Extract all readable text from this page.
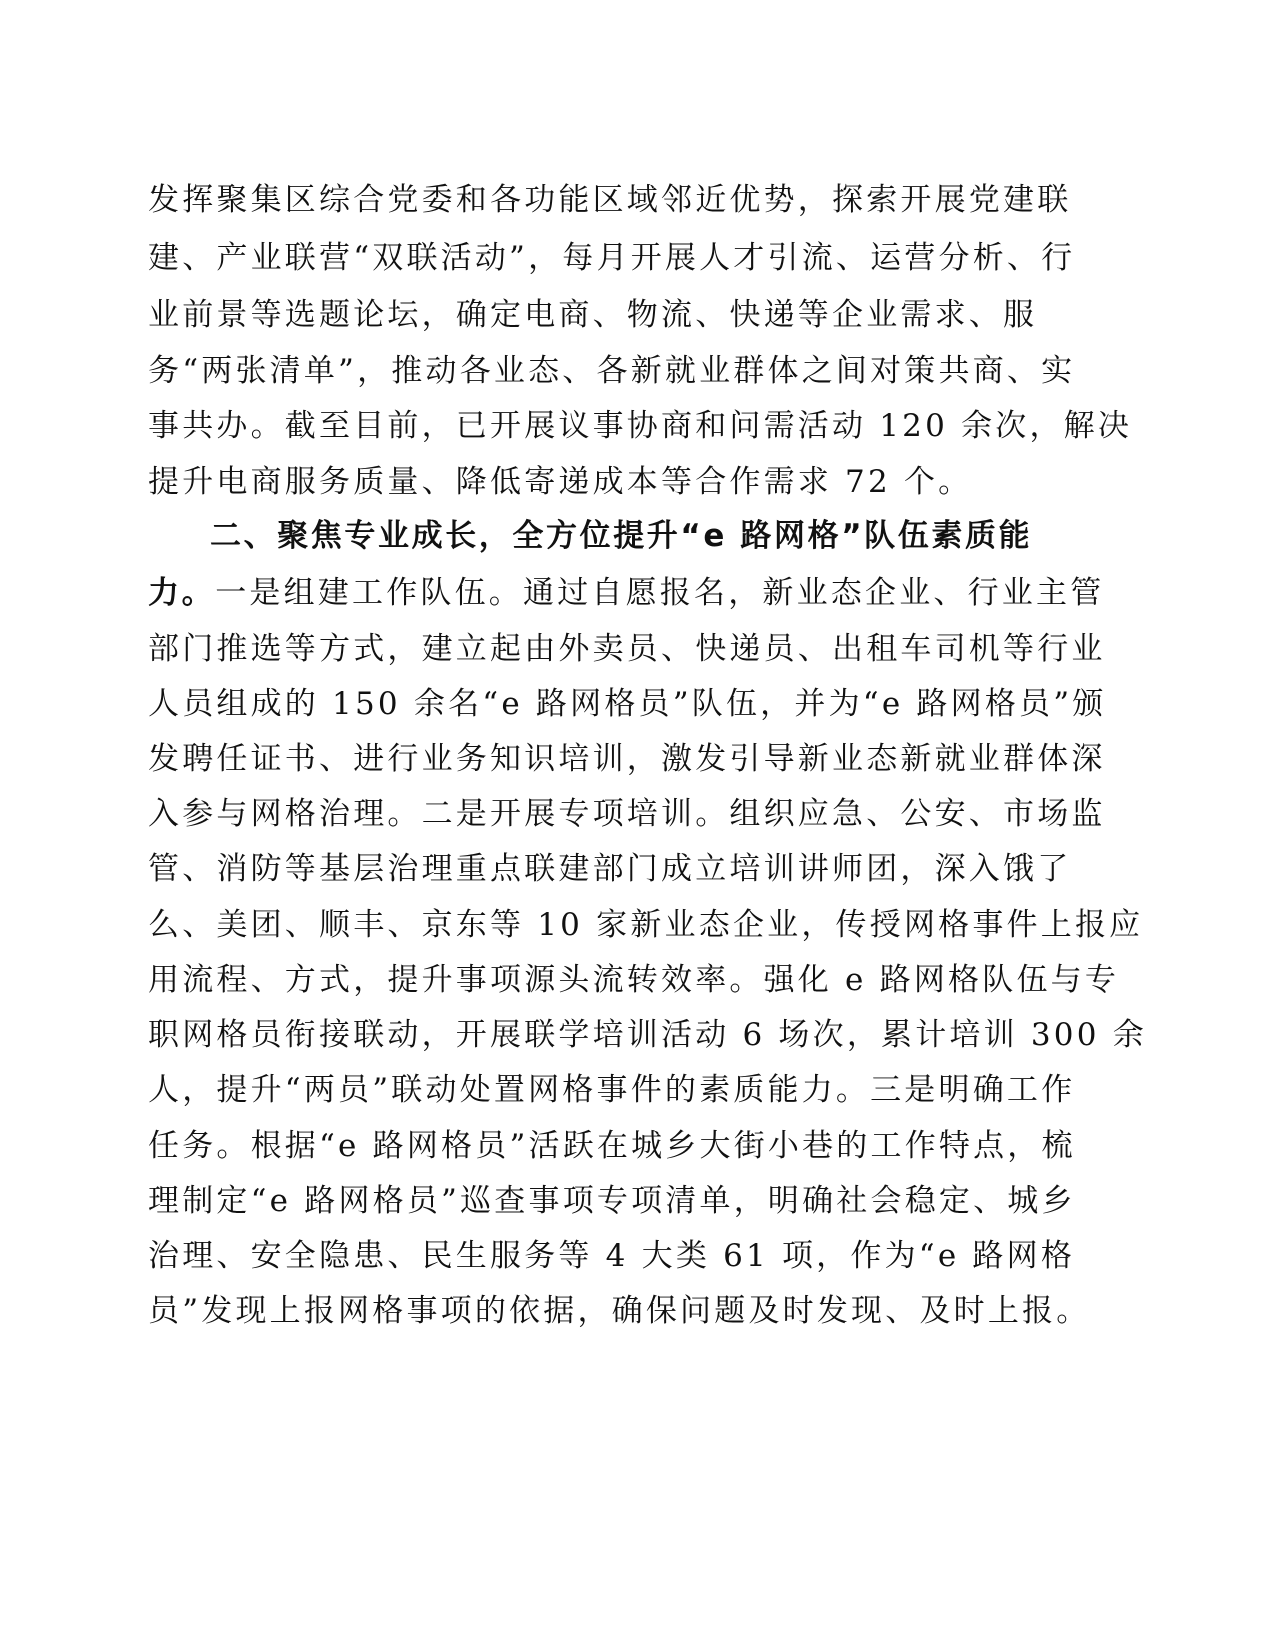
发挥聚集区综合党委和各功能区域邻近优势，探索开展党建联
建、产业联营“双联活动”，每月开展人才引流、运营分析、行
业前景等选题论坛，确定电商、物流、快递等企业需求、服
务“两张清单”，推动各业态、各新就业群体之间对策共商、实
事共办。截至目前，已开展议事协商和问需活动 120 余次，解决
提升电商服务质量、降低寄递成本等合作需求 72 个。
二、聚焦专业成长，全方位提升“e 路网格”队伍素质能
力。一是组建工作队伍。通过自愿报名，新业态企业、行业主管
部门推选等方式，建立起由外卖员、快递员、出租车司机等行业
人员组成的 150 余名“e 路网格员”队伍，并为“e 路网格员”颁
发聘任证书、进行业务知识培训，激发引导新业态新就业群体深
入参与网格治理。二是开展专项培训。组织应急、公安、市场监
管、消防等基层治理重点联建部门成立培训讲师团，深入饿了
么、美团、顺丰、京东等 10 家新业态企业，传授网格事件上报应
用流程、方式，提升事项源头流转效率。强化 e 路网格队伍与专
职网格员衔接联动，开展联学培训活动 6 场次，累计培训 300 余
人，提升“两员”联动处置网格事件的素质能力。三是明确工作
任务。根据“e 路网格员”活跃在城乡大街小巷的工作特点，梳
理制定“e 路网格员”巡查事项专项清单，明确社会稳定、城乡
治理、安全隐患、民生服务等 4 大类 61 项，作为“e 路网格
员”发现上报网格事项的依据，确保问题及时发现、及时上报。
